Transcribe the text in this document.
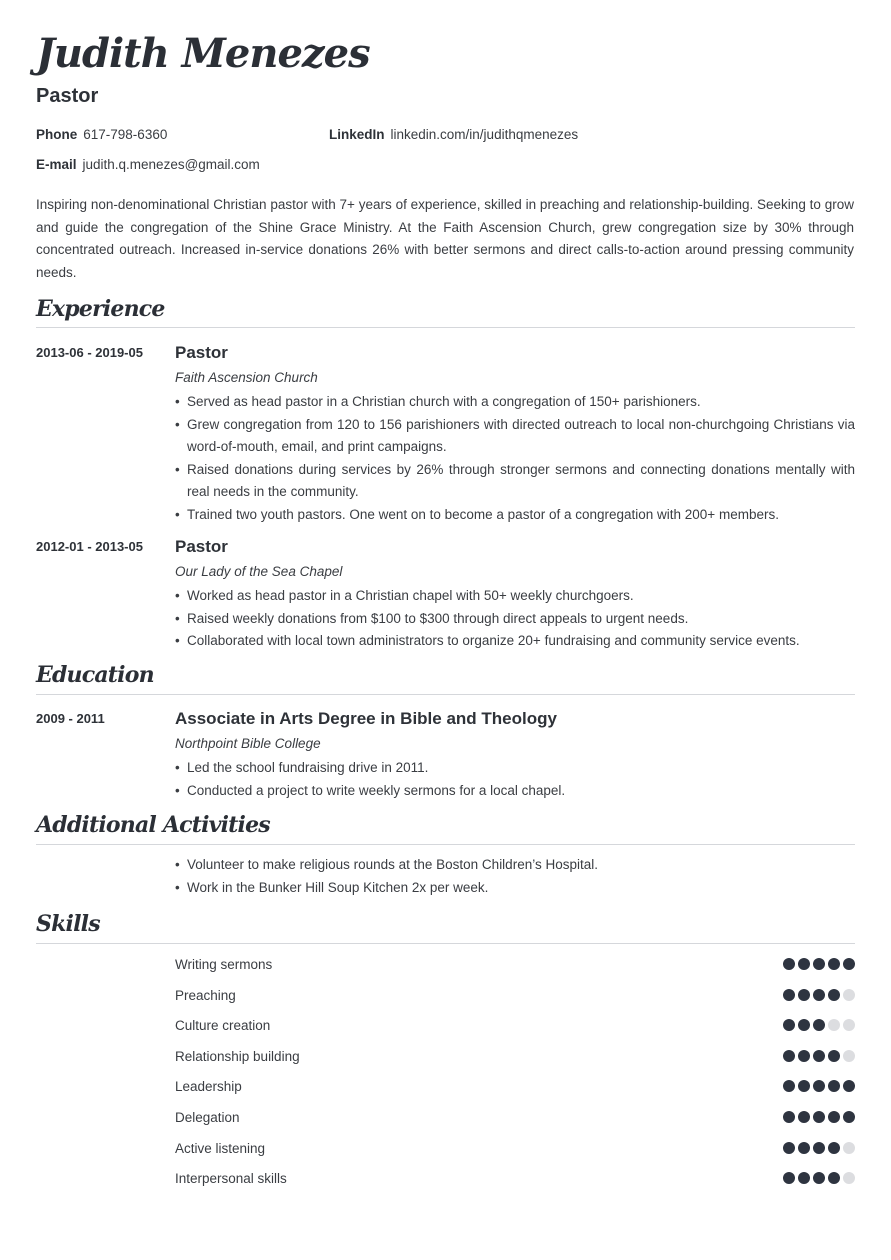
Judith Menezes
Pastor
Phone 617-798-6360	LinkedIn linkedin.com/in/judithqmenezes
E-mail judith.q.menezes@gmail.com
Inspiring non-denominational Christian pastor with 7+ years of experience, skilled in preaching and relationship-building. Seeking to grow and guide the congregation of the Shine Grace Ministry. At the Faith Ascension Church, grew congregation size by 30% through concentrated outreach. Increased in-service donations 26% with better sermons and direct calls-to-action around pressing community needs.
Experience
2013-06 - 2019-05 Pastor
Faith Ascension Church
• Served as head pastor in a Christian church with a congregation of 150+ parishioners.
• Grew congregation from 120 to 156 parishioners with directed outreach to local non-churchgoing Christians via word-of-mouth, email, and print campaigns.
• Raised donations during services by 26% through stronger sermons and connecting donations mentally with real needs in the community.
• Trained two youth pastors. One went on to become a pastor of a congregation with 200+ members.
2012-01 - 2013-05 Pastor
Our Lady of the Sea Chapel
• Worked as head pastor in a Christian chapel with 50+ weekly churchgoers.
• Raised weekly donations from $100 to $300 through direct appeals to urgent needs.
• Collaborated with local town administrators to organize 20+ fundraising and community service events.
Education
2009 - 2011	Associate in Arts Degree in Bible and Theology
Northpoint Bible College
• Led the school fundraising drive in 2011.
• Conducted a project to write weekly sermons for a local chapel.
Additional Activities
• Volunteer to make religious rounds at the Boston Children’s Hospital.
• Work in the Bunker Hill Soup Kitchen 2x per week.
Skills
Writing sermons
Preaching
Culture creation
Relationship building
Leadership
Delegation
Active listening
Interpersonal skills
